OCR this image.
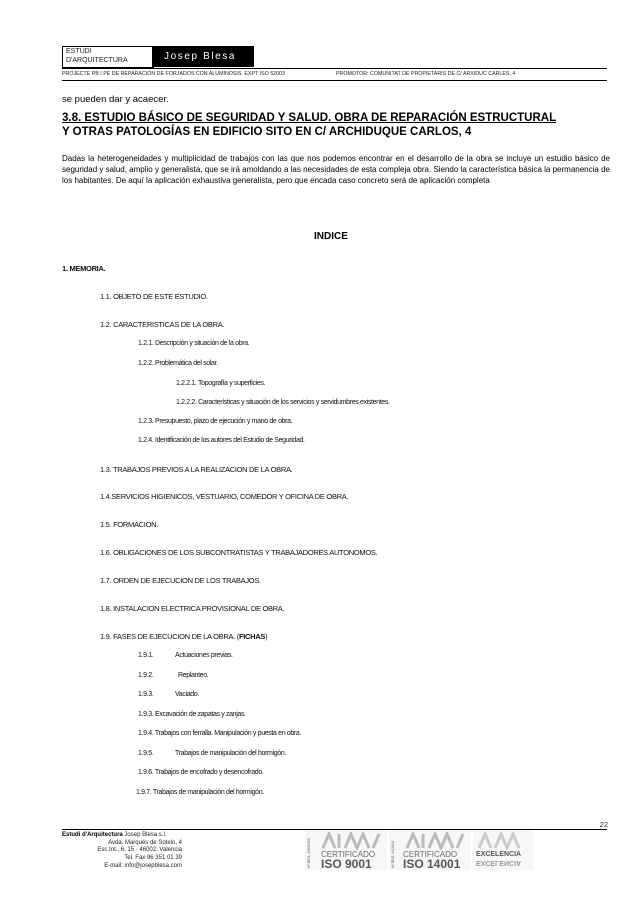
ESTUDI
D'ARQUITECTURA	Josep Blesa
PROJECTE PB I PE DE REPARACIÓN DE FORJADOS CON ALUMINOSIS. EXPT ISO 52003	PROMOTOR: COMUNITAT DE PROPIETARIS DE C/ ARXIDUC CARLES, 4
se pueden dar y acaecer.
3.8. ESTUDIO BÁSICO DE SEGURIDAD Y SALUD. OBRA DE REPARACIÓN ESTRUCTURAL
Y OTRAS PATOLOGÍAS EN EDIFICIO SITO EN C/ ARCHIDUQUE CARLOS, 4
Dadas la heterogeneidades y multiplicidad de trabajos con las que nos podemos encontrar en el desarrollo de la obra se incluye un estudio básico de seguridad y salud, amplio y generalista, que se irá amoldando a las necesidades de esta compleja obra. Siendo la característica básica la permanencia de los habitantes. De aquí la aplicación exhaustiva generalista, pero que encada caso concreto será de aplicación completa
INDICE
1. MEMORIA.
1.1. OBJETO DE ESTE ESTUDIO.
1.2. CARACTERISTICAS DE LA OBRA.
1.2.1. Descripción y situación de la obra.
1.2.2. Problemática del solar.
1.2.2.1. Topografía y superficies.
1.2.2.2. Características y situación de los servicios y servidumbres existentes.
1.2.3. Presupuesto, plazo de ejecución y mano de obra.
1.2.4. Identificación de los autores del Estudio de Seguridad.
1.3. TRABAJOS PREVIOS A LA REALIZACION DE LA OBRA.
1.4.SERVICIOS HIGIENICOS, VESTUARIO, COMEDOR Y OFICINA DE OBRA.
1.5. FORMACION.
1.6. OBLIGACIONES DE LOS SUBCONTRATISTAS Y TRABAJADORES AUTONOMOS.
1.7. ORDEN DE EJECUCION DE LOS TRABAJOS.
1.8. INSTALACION ELECTRICA PROVISIONAL DE OBRA.
1.9. FASES DE EJECUCION DE LA OBRA. (FICHAS)
1.9.1.	Actuaciones previas.
1.9.2.	Replanteo.
1.9.3.	Vaciado.
1.9.3. Excavación de zapatas y zanjas.
1.9.4. Trabajos con ferralla. Manipulación y puesta en obra.
1.9.5.	Trabajos de manipulación del hormigón.
1.9.6. Trabajos de encofrado y desencofrado.
1.9.7. Trabajos de manipulación del hormigón.
22
Estudi d'Arquitectura Josep Blesa s.l.
Avda. Marqués de Sotelo, 4
Esc.Int., 6, 15 · 46002. Valencia
Tel. Fax 96 351 01 39
E-mail: info@josepblesa.com	Nº REG. 49020/9/3 CERTIFICADO
ISO 9001	Nº REG. 04/2003 CERTIFICADO
ISO 14001
EXCELENCIA
EXCELENCIA
